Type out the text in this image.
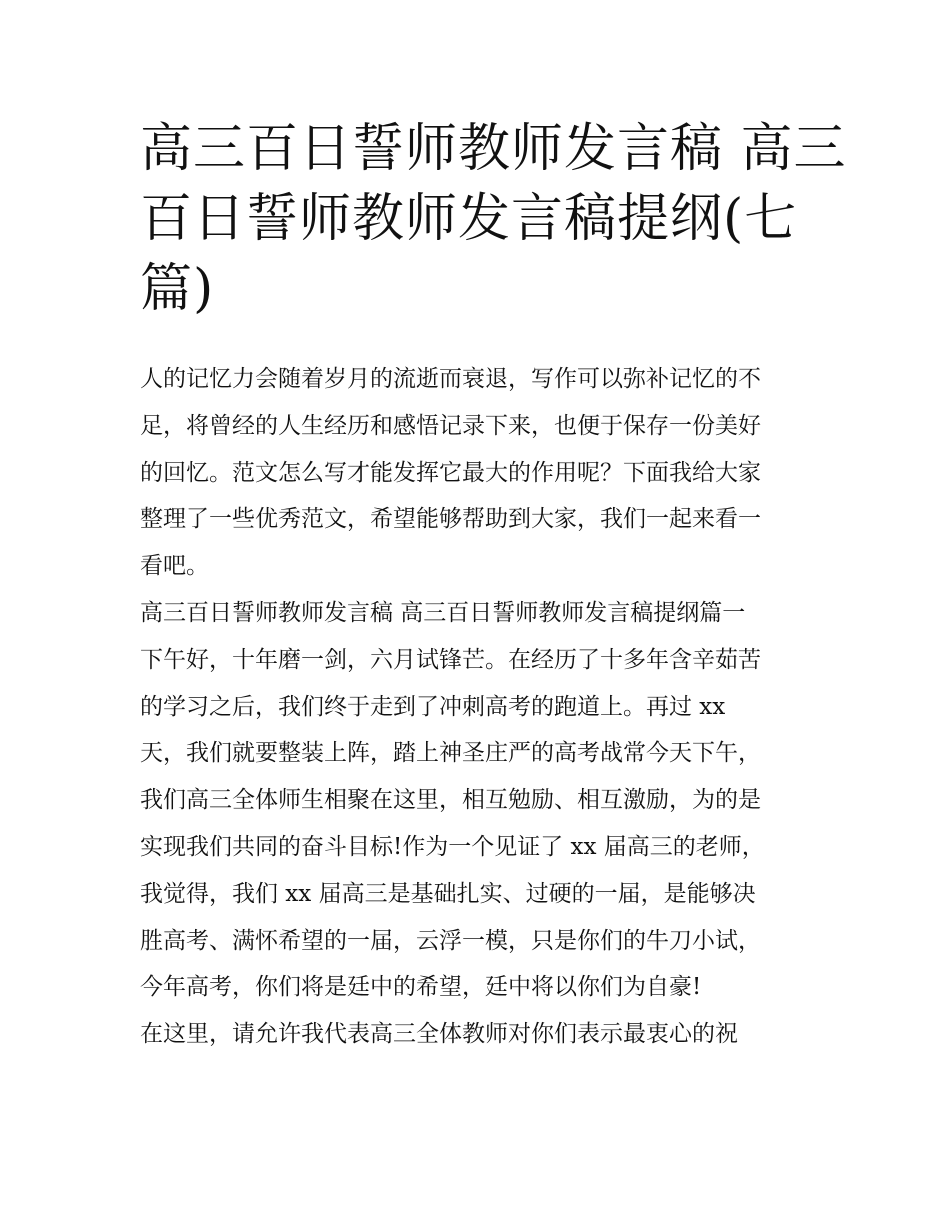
高三百日誓师教师发言稿 高三
百日誓师教师发言稿提纲(七
篇)
人的记忆力会随着岁月的流逝而衰退，写作可以弥补记忆的不
足，将曾经的人生经历和感悟记录下来，也便于保存一份美好
的回忆。范文怎么写才能发挥它最大的作用呢？下面我给大家
整理了一些优秀范文，希望能够帮助到大家，我们一起来看一
看吧。
高三百日誓师教师发言稿 高三百日誓师教师发言稿提纲篇一
下午好，十年磨一剑，六月试锋芒。在经历了十多年含辛茹苦
的学习之后，我们终于走到了冲刺高考的跑道上。再过 xx
天，我们就要整装上阵，踏上神圣庄严的高考战常今天下午，
我们高三全体师生相聚在这里，相互勉励、相互激励，为的是
实现我们共同的奋斗目标!作为一个见证了 xx 届高三的老师，
我觉得，我们 xx 届高三是基础扎实、过硬的一届，是能够决
胜高考、满怀希望的一届，云浮一模，只是你们的牛刀小试，
今年高考，你们将是廷中的希望，廷中将以你们为自豪!
在这里，请允许我代表高三全体教师对你们表示最衷心的祝
